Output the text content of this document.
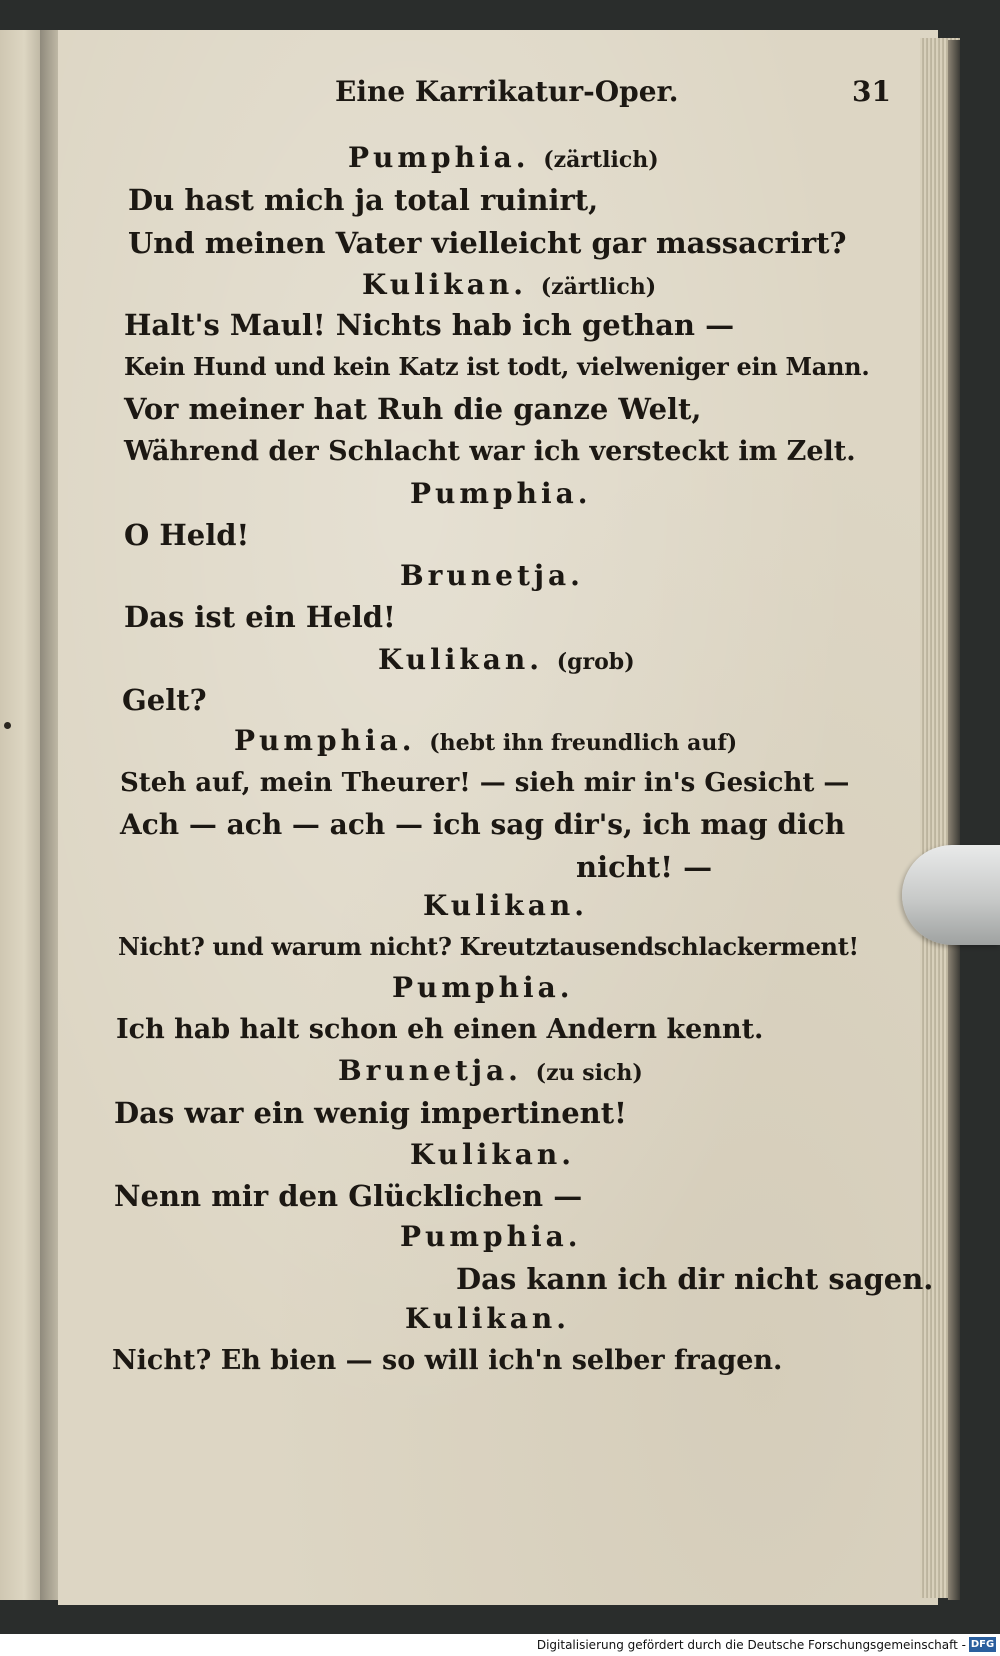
Eine Karrikatur-Oper.	31
Pumphia. (zärtlich)
Du hast mich ja total ruinirt,
Und meinen Vater vielleicht gar massacrirt?
Kulikan. (zärtlich)
Halt's Maul! Nichts hab ich gethan —
Kein Hund und kein Katz ist todt, vielweniger ein Mann.
Vor meiner hat Ruh die ganze Welt,
Während der Schlacht war ich versteckt im Zelt.
Pumphia.
O Held!
Brunetja.
Das ist ein Held!
Kulikan. (grob)
Gelt?
Pumphia. (hebt ihn freundlich auf)
Steh auf, mein Theurer! — sieh mir in's Gesicht —
Ach — ach — ach — ich sag dir's, ich mag dich
nicht! —
Kulikan.
Nicht? und warum nicht? Kreutztausendschlackerment!
Pumphia.
Ich hab halt schon eh einen Andern kennt.
Brunetja. (zu sich)
Das war ein wenig impertinent!
Kulikan.
Nenn mir den Glücklichen —
Pumphia.
Das kann ich dir nicht sagen.
Kulikan.
Nicht? Eh bien — so will ich'n selber fragen.
Digitalisierung gefördert durch die Deutsche Forschungsgemeinschaft - DFG
